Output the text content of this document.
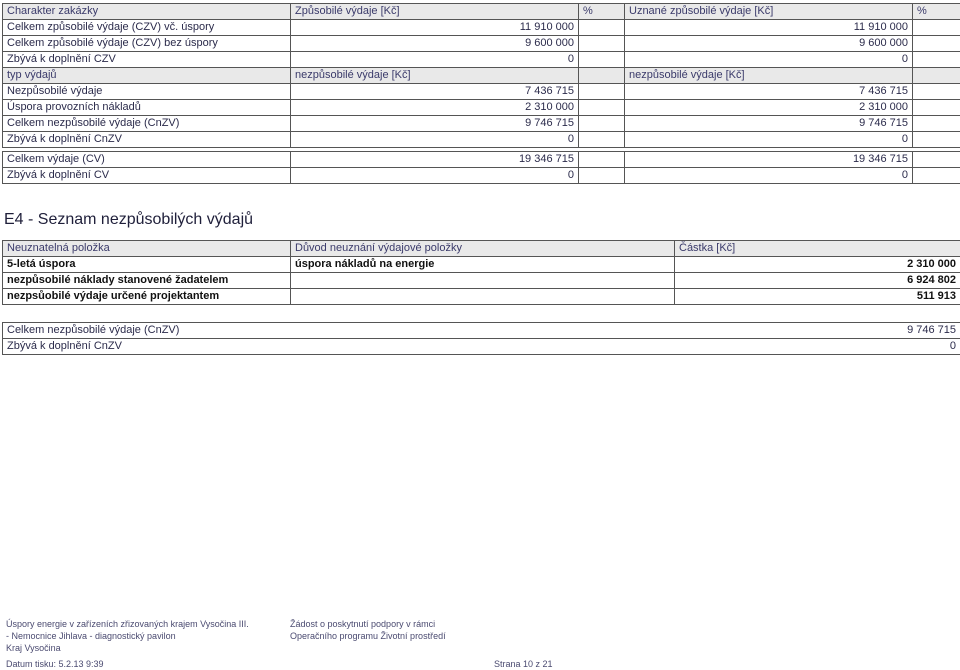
Charakter zakázky	Způsobilé výdaje [Kč]	%	Uznané způsobilé výdaje [Kč]	%
Celkem způsobilé výdaje (CZV) vč. úspory	11 910 000		11 910 000	
Celkem způsobilé výdaje (CZV) bez úspory	9 600 000		9 600 000	
Zbývá k doplnění CZV	0		0	
typ výdajů	nezpůsobilé výdaje [Kč]		nezpůsobilé výdaje [Kč]	
Nezpůsobilé výdaje	7 436 715		7 436 715	
Úspora provozních nákladů	2 310 000		2 310 000	
Celkem nezpůsobilé výdaje (CnZV)	9 746 715		9 746 715	
Zbývá k doplnění CnZV	0		0	

Celkem výdaje (CV)	19 346 715		19 346 715	
Zbývá k doplnění CV	0		0	
E4 - Seznam nezpůsobilých výdajů
Neuznatelná položka	Důvod neuznání výdajové položky	Částka [Kč]
5-letá úspora	úspora nákladů na energie	2 310 000
nezpůsobilé náklady stanovené žadatelem		6 924 802
nezpsůobilé výdaje určené projektantem		511 913
Celkem nezpůsobilé výdaje (CnZV)	9 746 715
Zbývá k doplnění CnZV	0
Úspory energie v zařízeních zřizovaných krajem Vysočina III.
- Nemocnice Jihlava - diagnostický pavilon
Kraj Vysočina
Žádost o poskytnutí podpory v rámci
Operačního programu Životní prostředí
Datum tisku: 5.2.13 9:39	Strana 10 z 21
